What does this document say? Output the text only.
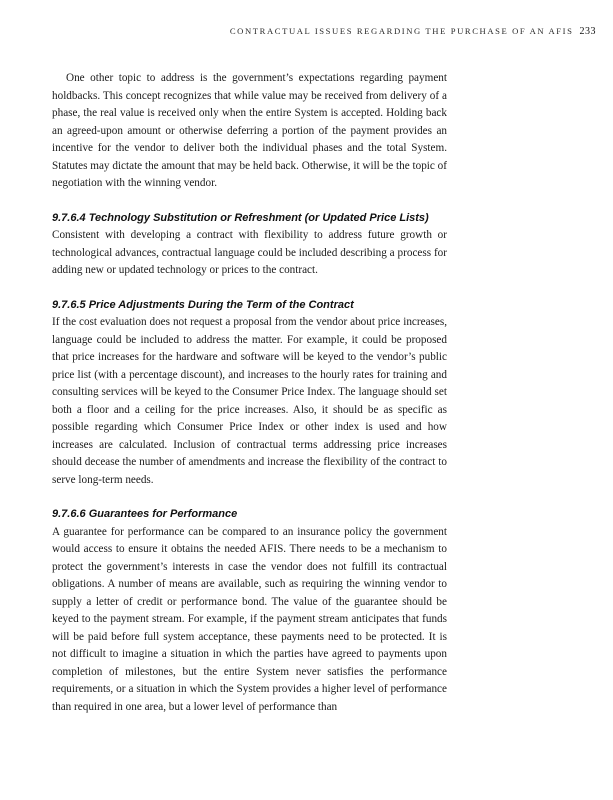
CONTRACTUAL ISSUES REGARDING THE PURCHASE OF AN AFIS 233

One other topic to address is the government’s expectations regarding payment holdbacks. This concept recognizes that while value may be received from delivery of a phase, the real value is received only when the entire System is accepted. Holding back an agreed-upon amount or otherwise deferring a portion of the payment provides an incentive for the vendor to deliver both the individual phases and the total System. Statutes may dictate the amount that may be held back. Otherwise, it will be the topic of negotiation with the winning vendor.

9.7.6.4 Technology Substitution or Refreshment (or Updated Price Lists)

Consistent with developing a contract with flexibility to address future growth or technological advances, contractual language could be included describing a process for adding new or updated technology or prices to the contract.

9.7.6.5 Price Adjustments During the Term of the Contract

If the cost evaluation does not request a proposal from the vendor about price increases, language could be included to address the matter. For example, it could be proposed that price increases for the hardware and software will be keyed to the vendor’s public price list (with a percentage discount), and increases to the hourly rates for training and consulting services will be keyed to the Consumer Price Index. The language should set both a floor and a ceiling for the price increases. Also, it should be as specific as possible regarding which Consumer Price Index or other index is used and how increases are calculated. Inclusion of contractual terms addressing price increases should decease the number of amendments and increase the flexibility of the contract to serve long-term needs.

9.7.6.6 Guarantees for Performance

A guarantee for performance can be compared to an insurance policy the government would access to ensure it obtains the needed AFIS. There needs to be a mechanism to protect the government’s interests in case the vendor does not fulfill its contractual obligations. A number of means are available, such as requiring the winning vendor to supply a letter of credit or performance bond. The value of the guarantee should be keyed to the payment stream. For example, if the payment stream anticipates that funds will be paid before full system acceptance, these payments need to be protected. It is not difficult to imagine a situation in which the parties have agreed to payments upon completion of milestones, but the entire System never satisfies the performance requirements, or a situation in which the System provides a higher level of performance than required in one area, but a lower level of performance than
